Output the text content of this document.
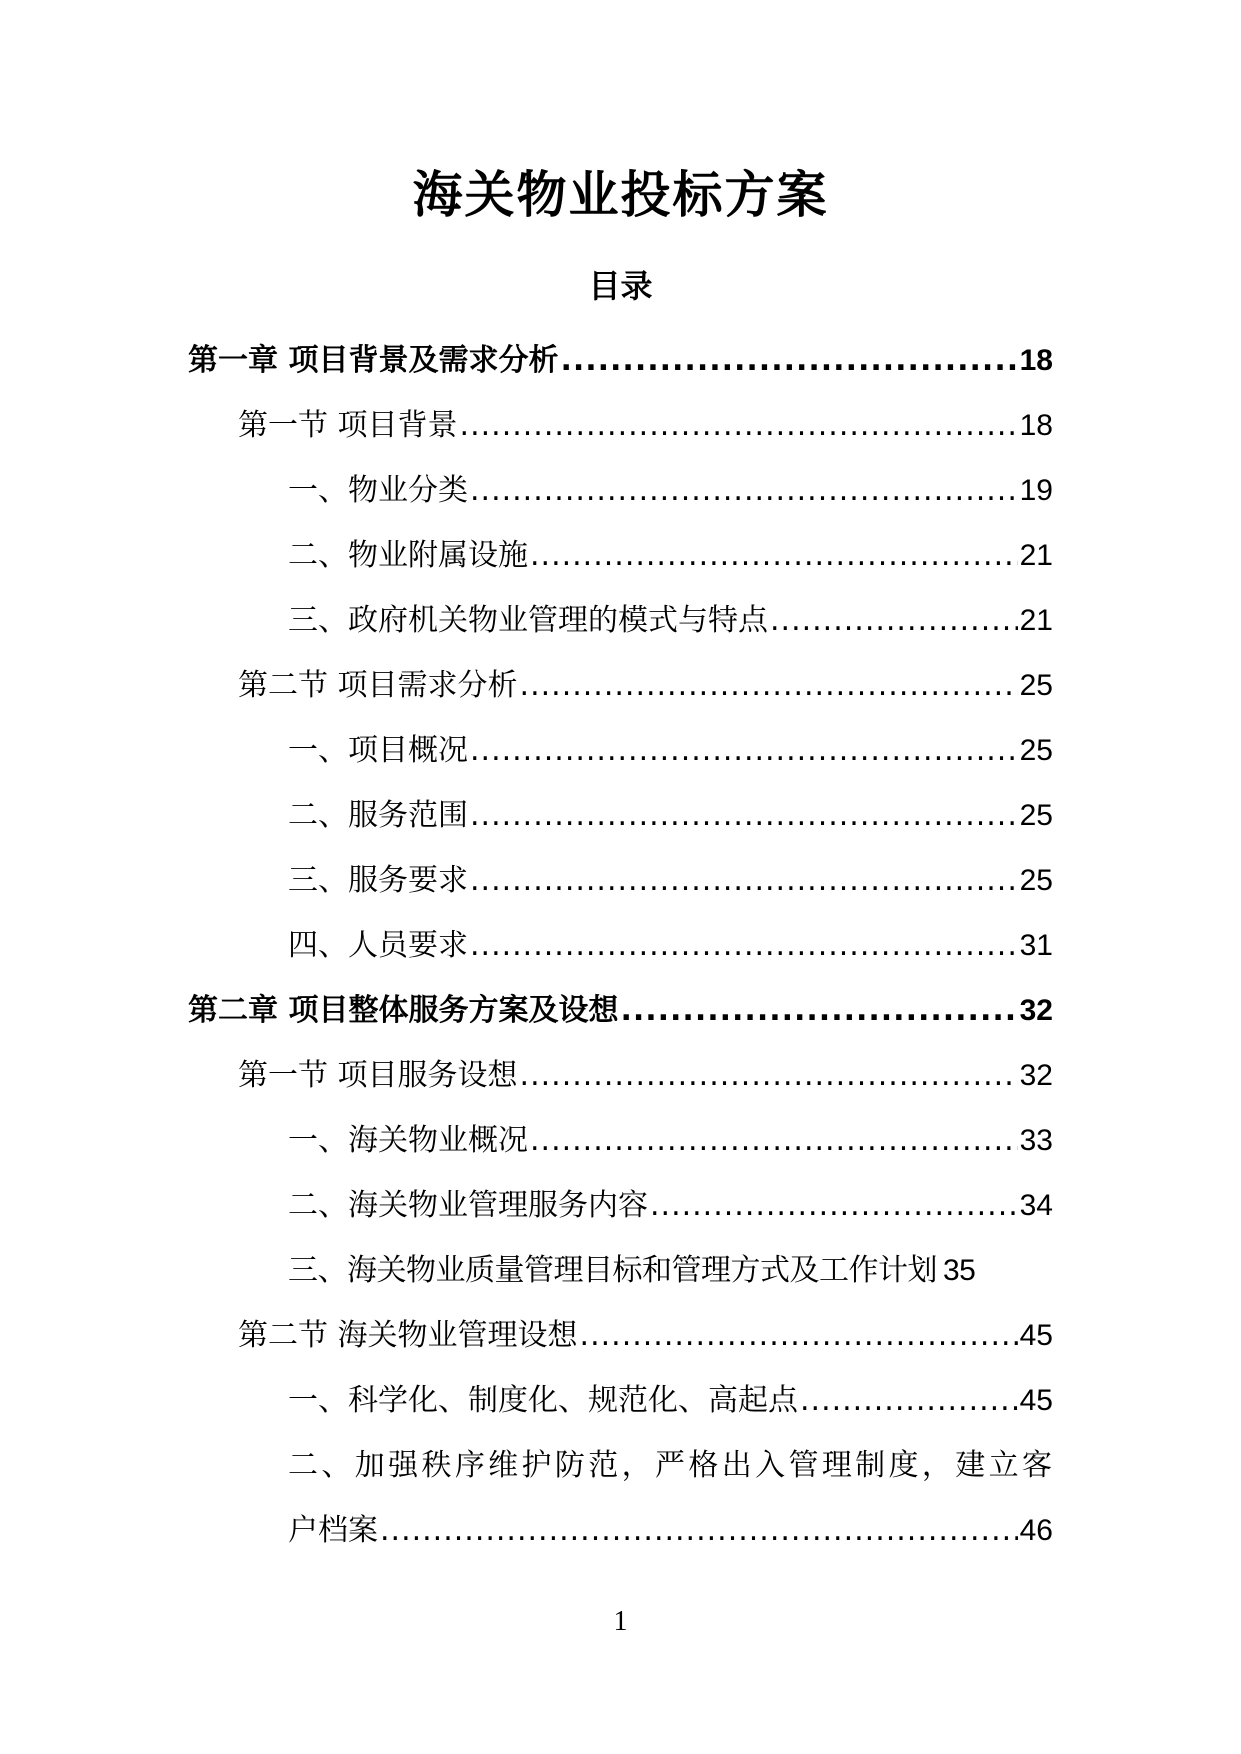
海关物业投标方案
目录
第一章 项目背景及需求分析 .....	18
第一节 项目背景 .....	18
一、物业分类 .....	19
二、物业附属设施 .....	21
三、政府机关物业管理的模式与特点 .....	21
第二节 项目需求分析 .....	25
一、项目概况 .....	25
二、服务范围 .....	25
三、服务要求 .....	25
四、人员要求 .....	31
第二章 项目整体服务方案及设想 .....	32
第一节 项目服务设想 .....	32
一、海关物业概况 .....	33
二、海关物业管理服务内容 .....	34
三、海关物业质量管理目标和管理方式及工作计划 35
第二节 海关物业管理设想 .....	45
一、科学化、制度化、规范化、高起点 .....	45
二、加强秩序维护防范，严格出入管理制度，建立客
户档案 .....	46
1
